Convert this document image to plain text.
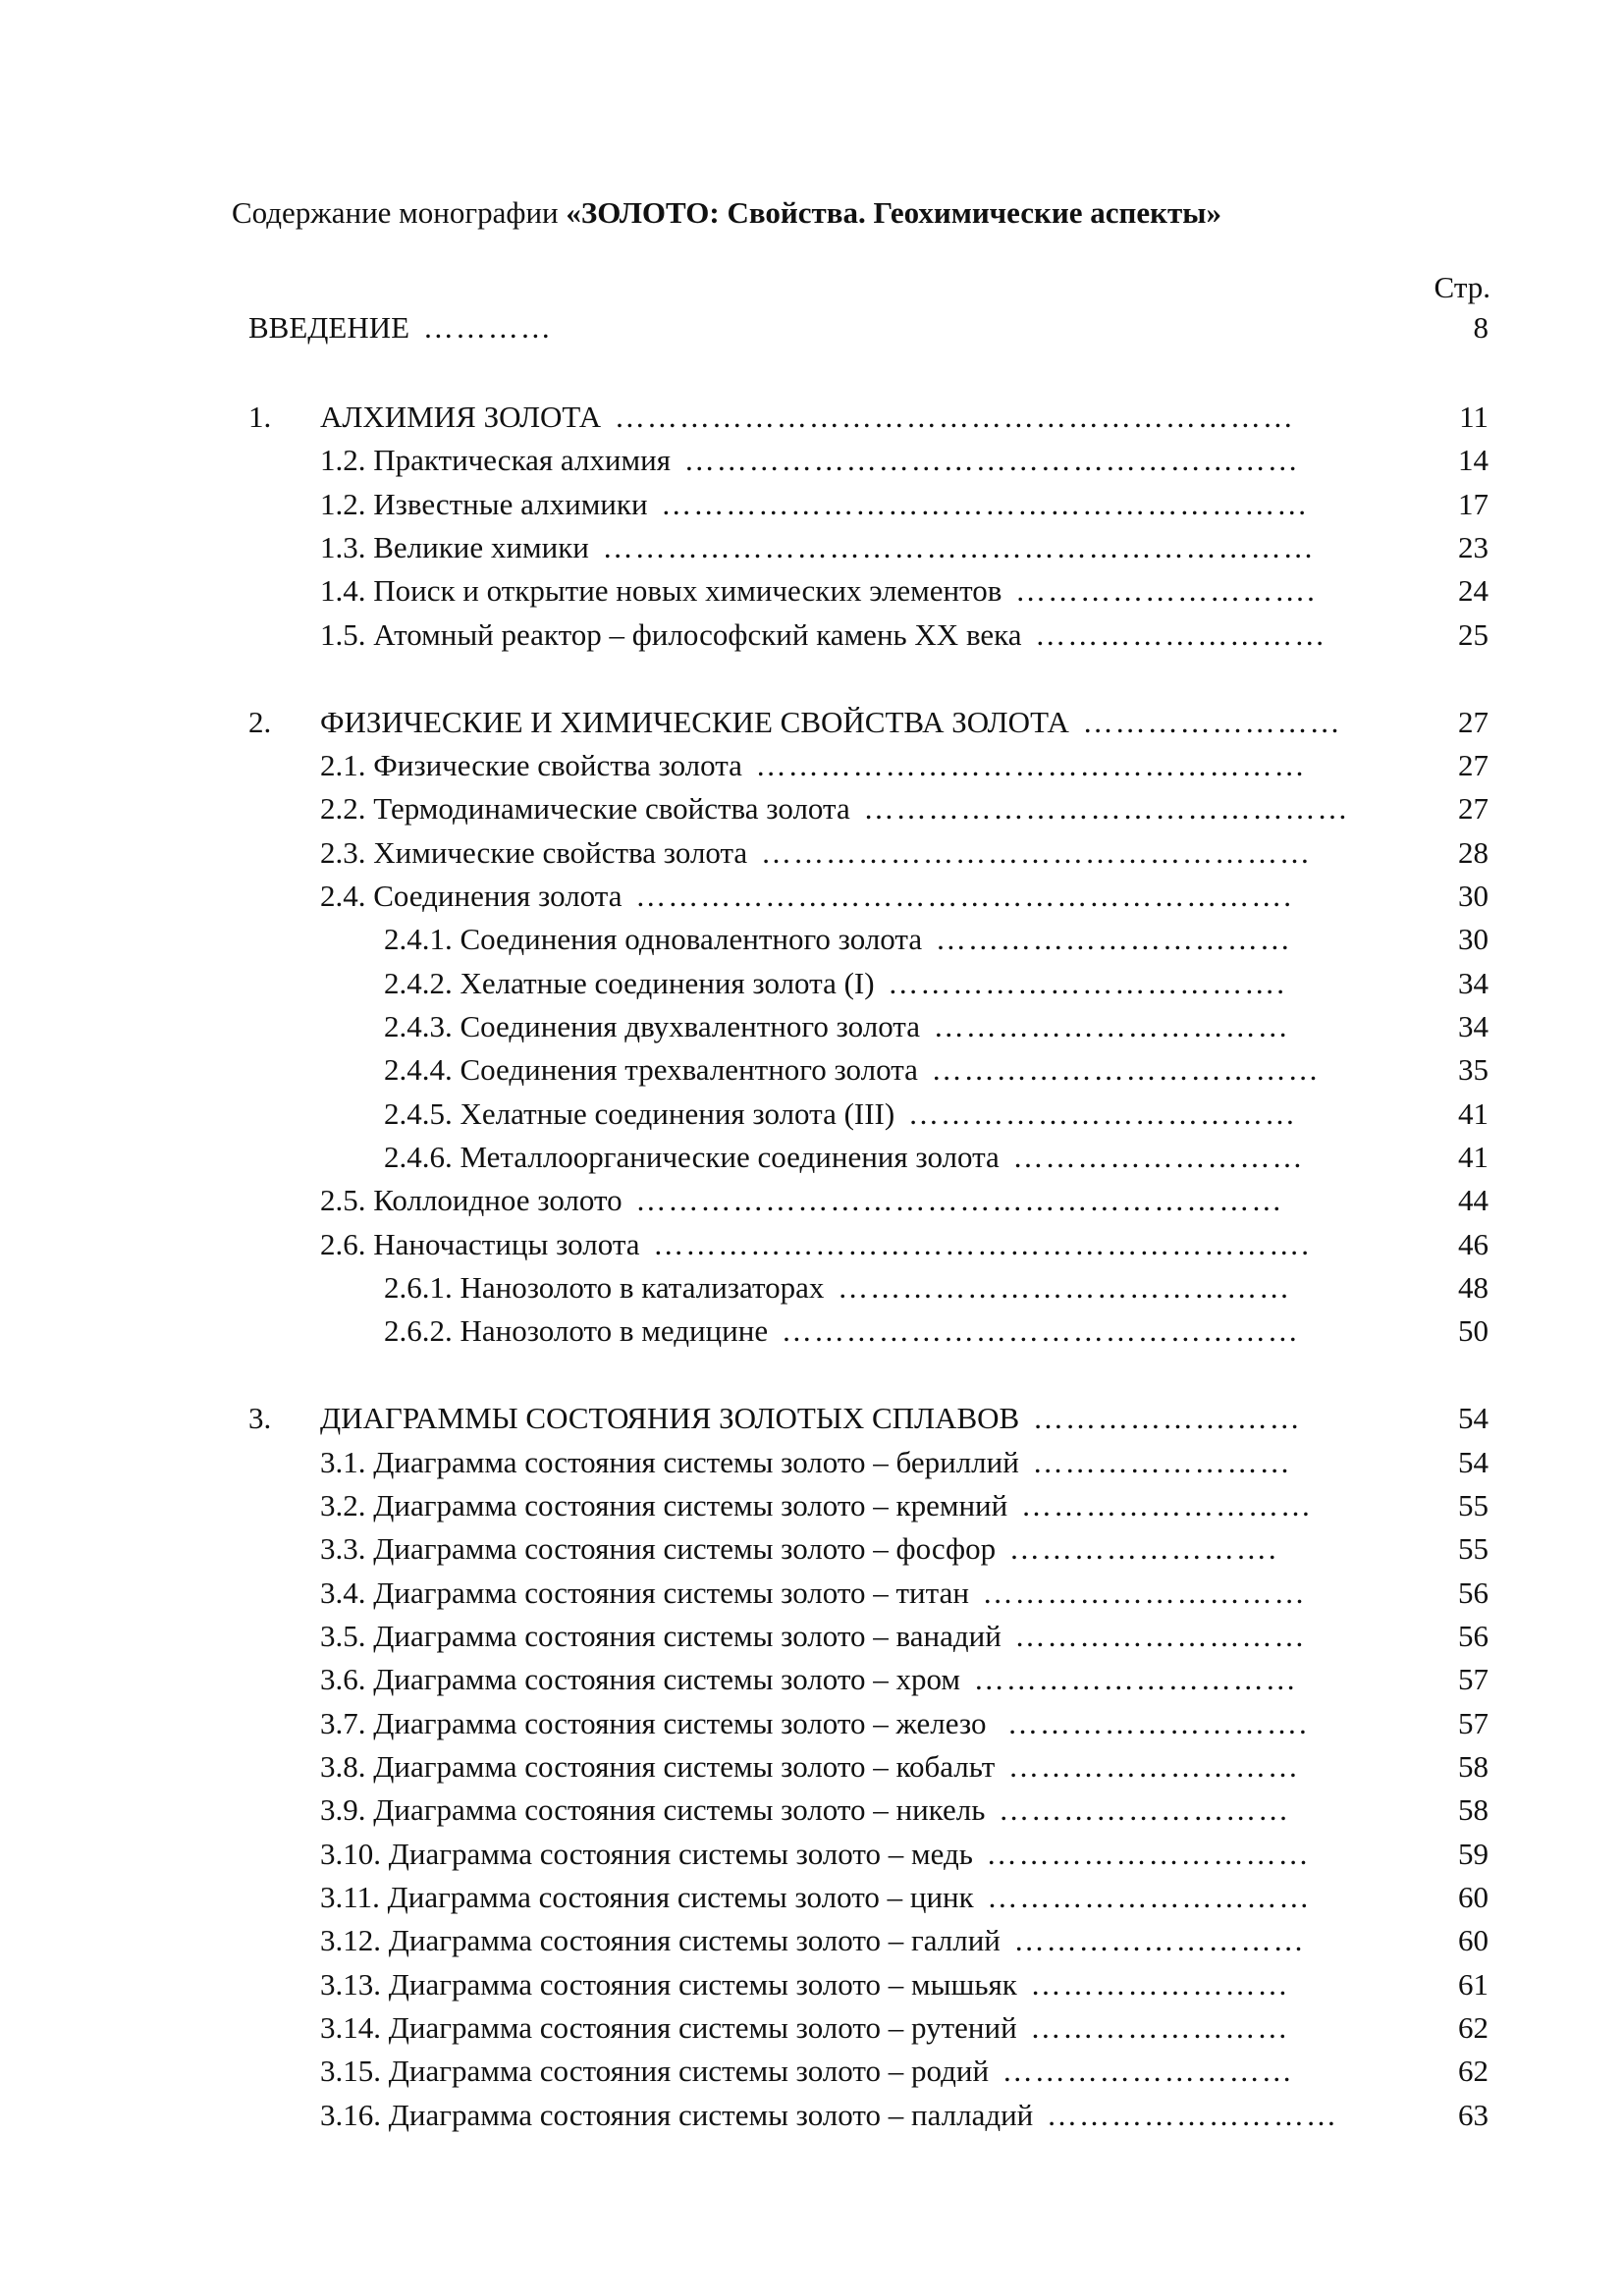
Содержание монографии «ЗОЛОТО: Свойства. Геохимические аспекты»
Стр.
ВВЕДЕНИЕ …………	8
1. АЛХИМИЯ ЗОЛОТА ………………………………………………………	11
1.2. Практическая алхимия …………………………………………………	14
1.2. Известные алхимики ……………………………………………………	17
1.3. Великие химики …………………………………………………………	23
1.4. Поиск и открытие новых химических элементов ……………………….	24
1.5. Атомный реактор – философский камень XX века ………………………	25
2. ФИЗИЧЕСКИЕ И ХИМИЧЕСКИЕ СВОЙСТВА ЗОЛОТА ……………………	27
2.1. Физические свойства золота ……………………………………………	27
2.2. Термодинамические свойства золота ………………………………………	27
2.3. Химические свойства золота ……………………………………………	28
2.4. Соединения золота …………………………………………………….	30
2.4.1. Соединения одновалентного золота ……………………………	30
2.4.2. Хелатные соединения золота (I) ……………………………….	34
2.4.3. Соединения двухвалентного золота ……………………………	34
2.4.4. Соединения трехвалентного золота ………………………………	35
2.4.5. Хелатные соединения золота (III) ………………………………	41
2.4.6. Металлоорганические соединения золота ………………………	41
2.5. Коллоидное золото ……………………………………………………	44
2.6. Наночастицы золота …………………………………………………….	46
2.6.1. Нанозолото в катализаторах ……………………………………	48
2.6.2. Нанозолото в медицине …………………………………………	50
3. ДИАГРАММЫ СОСТОЯНИЯ ЗОЛОТЫХ СПЛАВОВ ……………….……	54
3.1. Диаграмма состояния системы золото – бериллий ……………………	54
3.2. Диаграмма состояния системы золото – кремний ………………………	55
3.3. Диаграмма состояния системы золото – фосфор …………………….	55
3.4. Диаграмма состояния системы золото – титан …………………………	56
3.5. Диаграмма состояния системы золото – ванадий ………………………	56
3.6. Диаграмма состояния системы золото – хром …………………………	57
3.7. Диаграмма состояния системы золото – железо ……………………….	57
3.8. Диаграмма состояния системы золото – кобальт ………………………	58
3.9. Диаграмма состояния системы золото – никель ………………………	58
3.10. Диаграмма состояния системы золото – медь …………………………	59
3.11. Диаграмма состояния системы золото – цинк …………………………	60
3.12. Диаграмма состояния системы золото – галлий ………………………	60
3.13. Диаграмма состояния системы золото – мышьяк ……………………	61
3.14. Диаграмма состояния системы золото – рутений ……………………	62
3.15. Диаграмма состояния системы золото – родий ………………………	62
3.16. Диаграмма состояния системы золото – палладий ………………………	63
